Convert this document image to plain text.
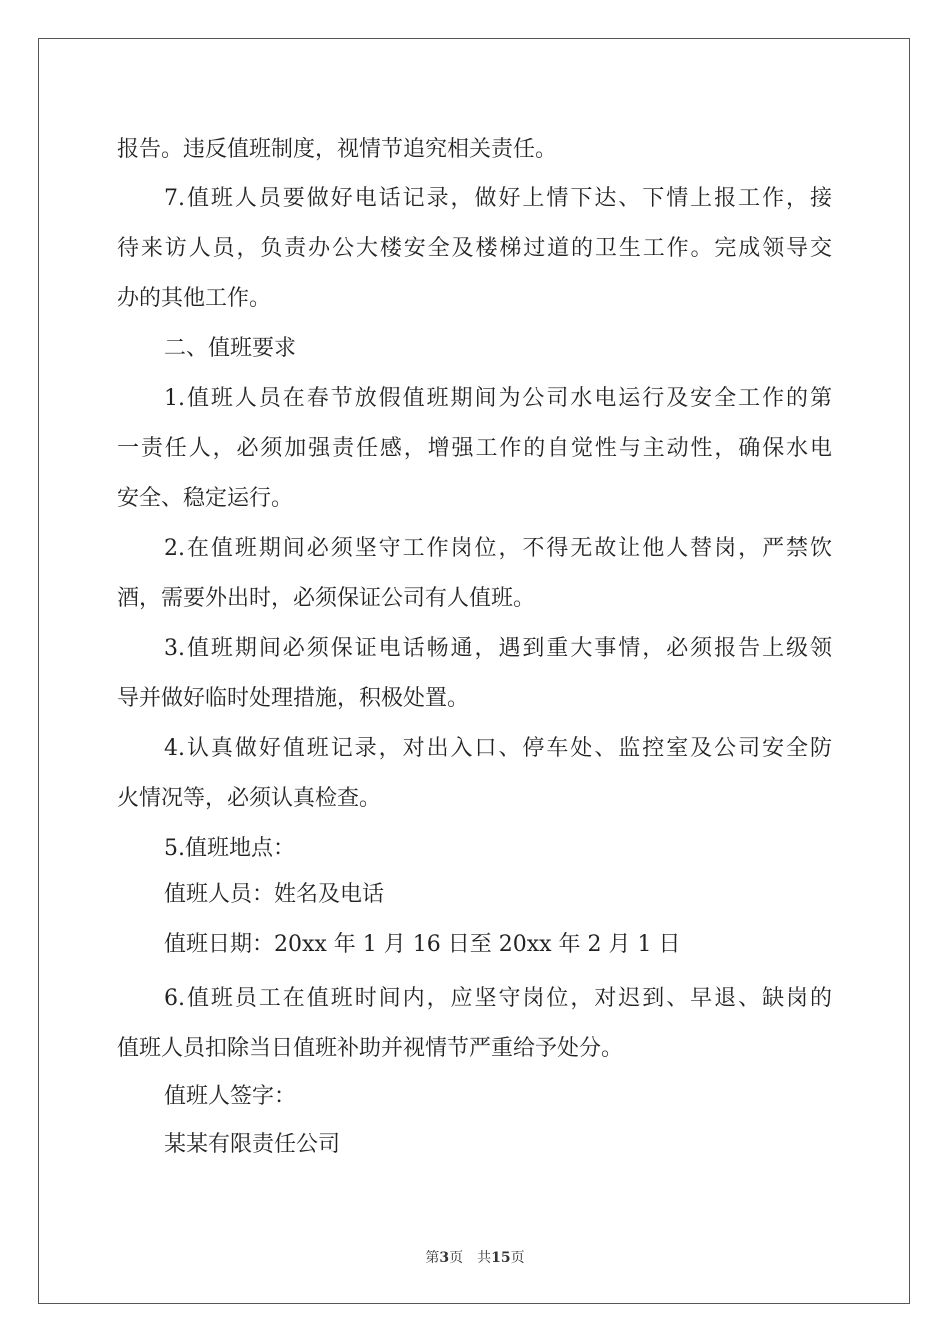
报告。违反值班制度，视情节追究相关责任。
7.值班人员要做好电话记录，做好上情下达、下情上报工作，接
待来访人员，负责办公大楼安全及楼梯过道的卫生工作。完成领导交
办的其他工作。
二、值班要求
1.值班人员在春节放假值班期间为公司水电运行及安全工作的第
一责任人，必须加强责任感，增强工作的自觉性与主动性，确保水电
安全、稳定运行。
2.在值班期间必须坚守工作岗位，不得无故让他人替岗，严禁饮
酒，需要外出时，必须保证公司有人值班。
3.值班期间必须保证电话畅通，遇到重大事情，必须报告上级领
导并做好临时处理措施，积极处置。
4.认真做好值班记录，对出入口、停车处、监控室及公司安全防
火情况等，必须认真检查。
5.值班地点：
值班人员：姓名及电话
值班日期：20xx 年 1 月 16 日至 20xx 年 2 月 1 日
6.值班员工在值班时间内，应坚守岗位，对迟到、早退、缺岗的
值班人员扣除当日值班补助并视情节严重给予处分。
值班人签字：
某某有限责任公司
第3页 共15页
